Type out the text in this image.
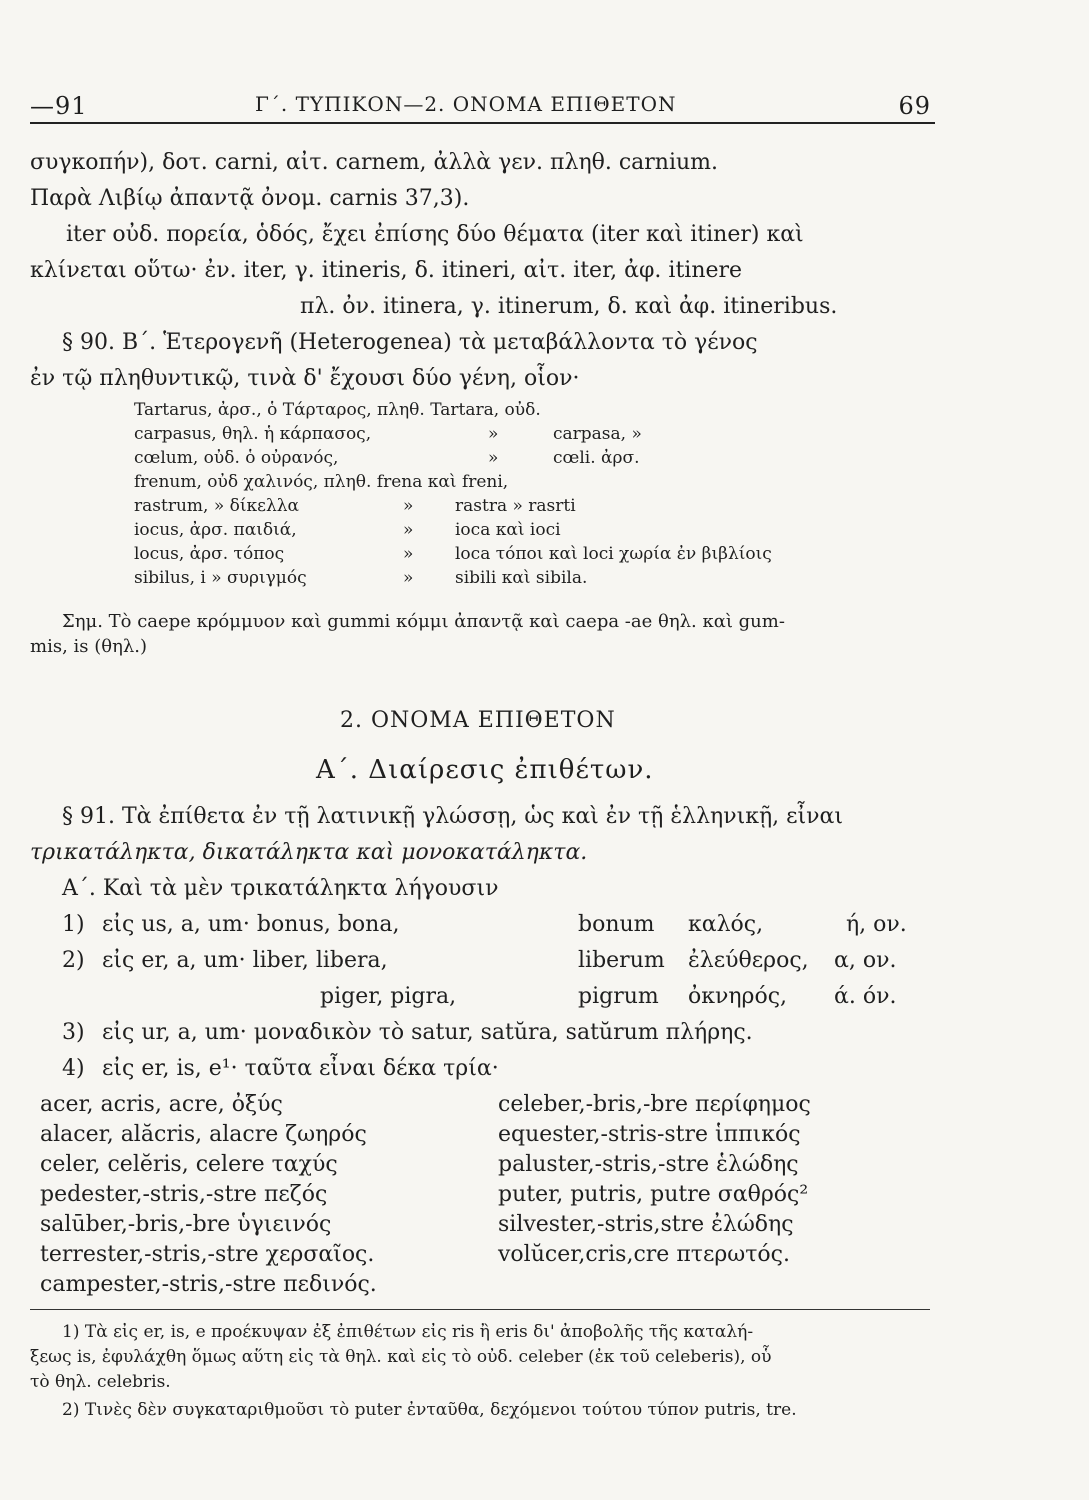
—91	Γ΄. ΤΥΠΙΚΟΝ—2. ΟΝΟΜΑ ΕΠΙΘΕΤΟΝ	69
συγκοπήν), δοτ. carni, αἰτ. carnem, ἀλλὰ γεν. πληθ. carnium.
Παρὰ Λιβίῳ ἀπαντᾷ ὀνομ. carnis 37,3).
iter οὐδ. πορεία, ὁδός, ἔχει ἐπίσης δύο θέματα (iter καὶ itiner) καὶ
κλίνεται οὕτω· ἐν. iter, γ. itineris, δ. itineri, αἰτ. iter, ἀφ. itinere
πλ. ὀν. itinera, γ. itinerum, δ. καὶ ἀφ. itineribus.
§ 90. Β΄. Ἑτερογενῆ (Heterogenea) τὰ μεταβάλλοντα τὸ γένος
ἐν τῷ πληθυντικῷ, τινὰ δ' ἔχουσι δύο γένη, οἷον·
Tartarus, ἀρσ., ὁ Τάρταρος, πληθ. Tartara, οὐδ.
carpasus, θηλ. ἡ κάρπασος,	»	carpasa, »
cœlum, οὐδ. ὁ οὐρανός,	»	cœli. ἀρσ.
frenum, οὐδ χαλινός, πληθ. frena καὶ freni,
rastrum, » δίκελλα	» rastra » rasrti
iocus, ἀρσ. παιδιά,	» ioca καὶ ioci
locus, ἀρσ. τόπος	» loca τόποι καὶ loci χωρία ἐν βιβλίοις
sibilus, i » συριγμός	» sibili καὶ sibila.
Σημ. Τὸ caepe κρόμμυον καὶ gummi κόμμι ἀπαντᾷ καὶ caepa -ae θηλ. καὶ gum-
mis, is (θηλ.)
2. ΟΝΟΜΑ ΕΠΙΘΕΤΟΝ
Α΄. Διαίρεσις ἐπιθέτων.
§ 91. Τὰ ἐπίθετα ἐν τῇ λατινικῇ γλώσσῃ, ὡς καὶ ἐν τῇ ἑλληνικῇ, εἶναι
τρικατάληκτα, δικατάληκτα καὶ μονοκατάληκτα.
Α΄. Καὶ τὰ μὲν τρικατάληκτα λήγουσιν
1) εἰς us, a, um· bonus, bona,	bonum καλός,	ή, ον.
2) εἰς er, a, um· liber, libera,	liberum ἐλεύθερος, α, ον.
piger, pigra,	pigrum ὀκνηρός, ά. όν.
3) εἰς ur, a, um· μοναδικὸν τὸ satur, satŭra, satŭrum πλήρης.
4) εἰς er, is, e¹· ταῦτα εἶναι δέκα τρία·
acer, acris, acre, ὀξύς
alacer, alăcris, alacre ζωηρός
celer, celĕris, celere ταχύς
pedester,-stris,-stre πεζός
salūber,-bris,-bre ὑγιεινός
terrester,-stris,-stre χερσαῖος.
campester,-stris,-stre πεδινός.
celeber,-bris,-bre περίφημος
equester,-stris-stre ἱππικός
paluster,-stris,-stre ἑλώδης
puter, putris, putre σαθρός²
silvester,-stris,stre ἐλώδης
volŭcer,cris,cre πτερωτός.
1) Τὰ εἰς er, is, e προέκυψαν ἐξ ἐπιθέτων εἰς ris ἢ eris δι' ἀποβολῆς τῆς καταλή-
ξεως is, ἐφυλάχθη ὅμως αὕτη εἰς τὰ θηλ. καὶ εἰς τὸ οὐδ. celeber (ἐκ τοῦ celeberis), οὗ
τὸ θηλ. celebris.
2) Τινὲς δὲν συγκαταριθμοῦσι τὸ puter ἐνταῦθα, δεχόμενοι τούτου τύπον putris, tre.
